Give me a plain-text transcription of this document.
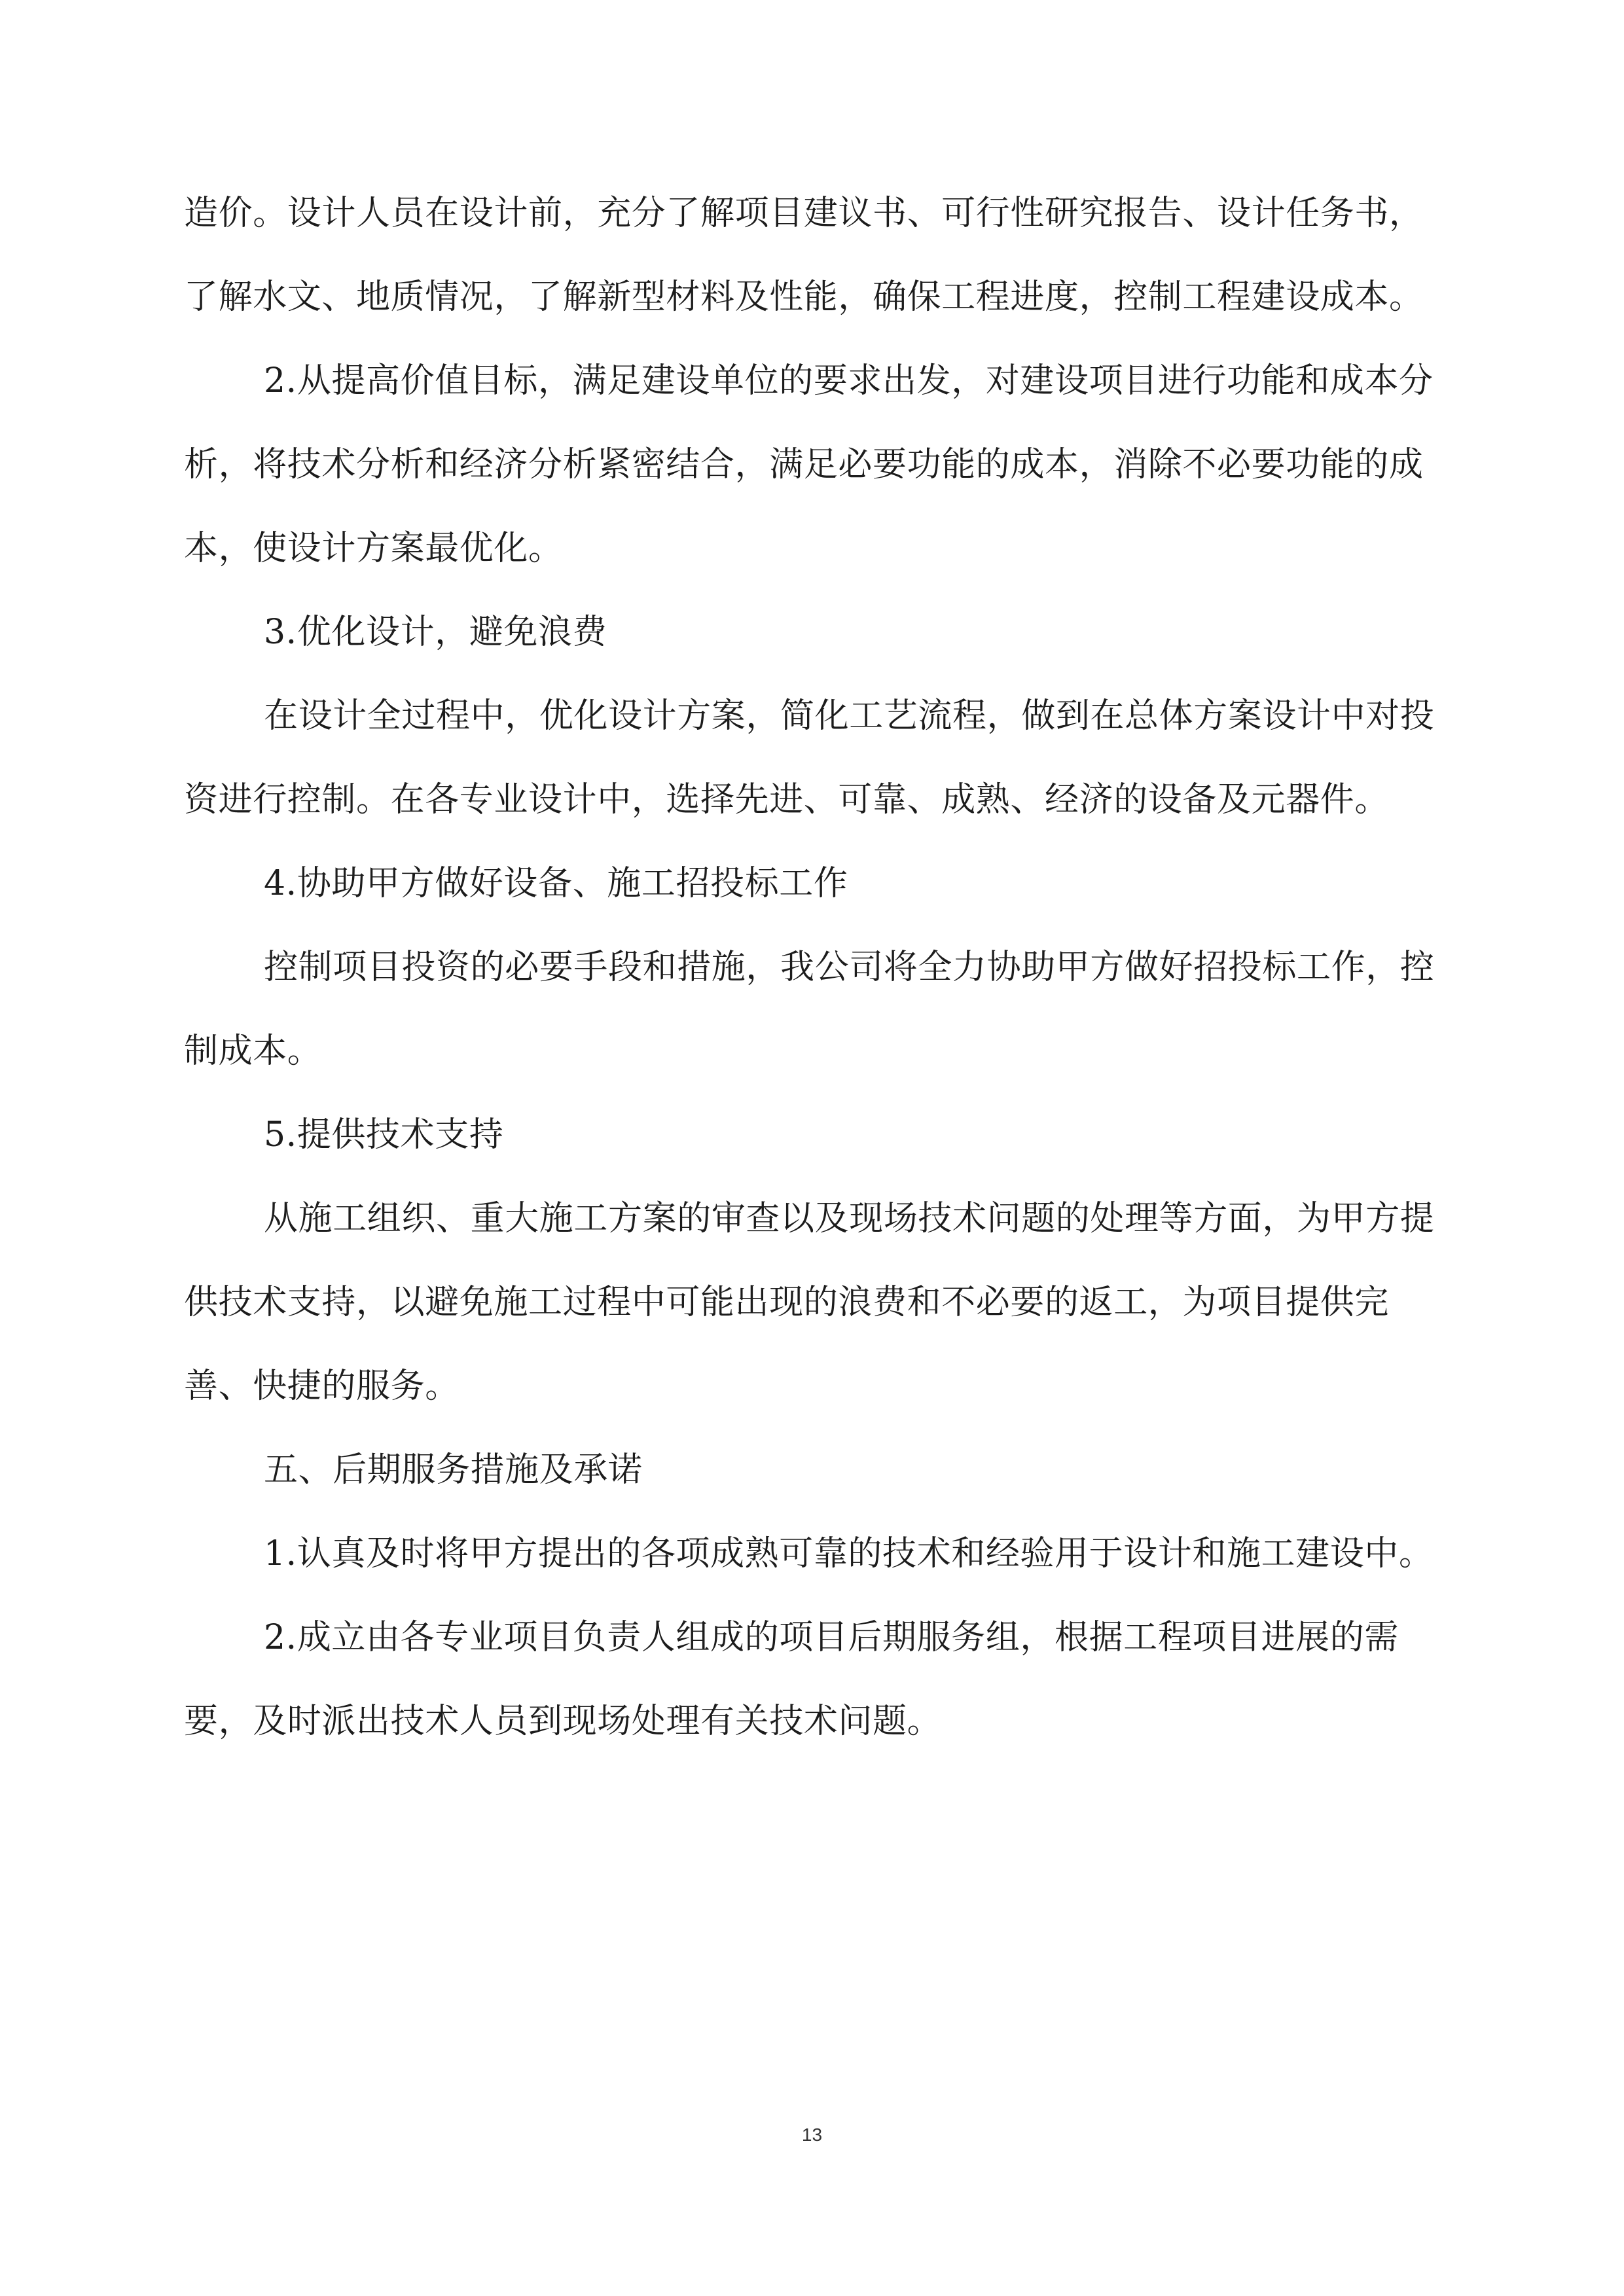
造价。设计人员在设计前，充分了解项目建议书、可行性研究报告、设计任务书，了解水文、地质情况，了解新型材料及性能，确保工程进度，控制工程建设成本。

2.从提高价值目标，满足建设单位的要求出发，对建设项目进行功能和成本分析，将技术分析和经济分析紧密结合，满足必要功能的成本，消除不必要功能的成本，使设计方案最优化。

3.优化设计，避免浪费

在设计全过程中，优化设计方案，简化工艺流程，做到在总体方案设计中对投资进行控制。在各专业设计中，选择先进、可靠、成熟、经济的设备及元器件。

4.协助甲方做好设备、施工招投标工作

控制项目投资的必要手段和措施，我公司将全力协助甲方做好招投标工作，控制成本。

5.提供技术支持

从施工组织、重大施工方案的审查以及现场技术问题的处理等方面，为甲方提供技术支持，以避免施工过程中可能出现的浪费和不必要的返工，为项目提供完善、快捷的服务。

五、后期服务措施及承诺

1.认真及时将甲方提出的各项成熟可靠的技术和经验用于设计和施工建设中。

2.成立由各专业项目负责人组成的项目后期服务组，根据工程项目进展的需要，及时派出技术人员到现场处理有关技术问题。

13
